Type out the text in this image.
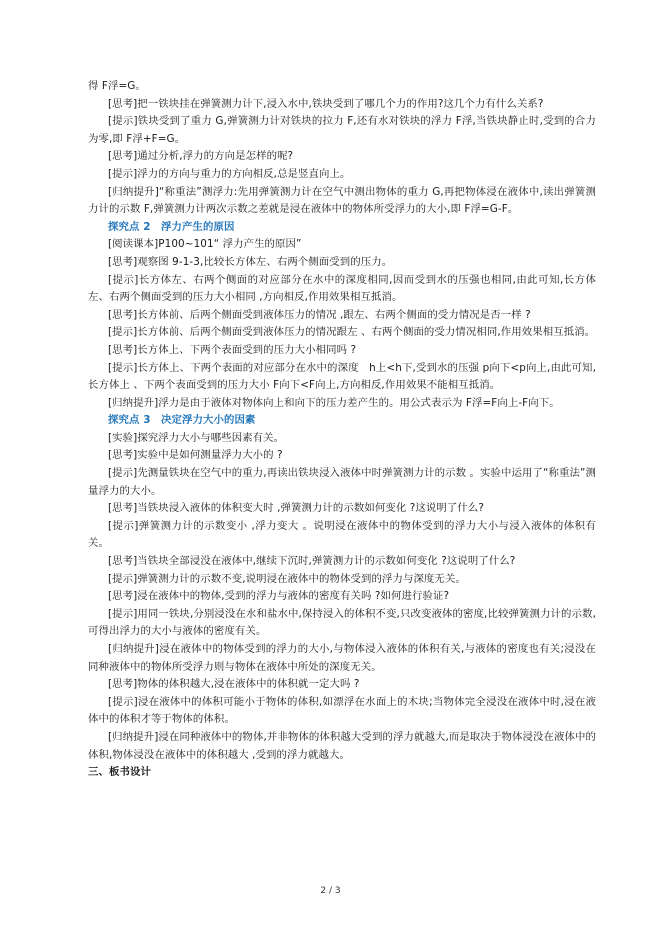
得 F浮=G。

[思考]把一铁块挂在弹簧测力计下,浸入水中,铁块受到了哪几个力的作用?这几个力有什么关系?

[提示]铁块受到了重力 G,弹簧测力计对铁块的拉力 F,还有水对铁块的浮力 F浮,当铁块静止时,受到的合力为零,即 F浮+F=G。

[思考]通过分析,浮力的方向是怎样的呢?

[提示]浮力的方向与重力的方向相反,总是竖直向上。

[归纳提升]“称重法”测浮力:先用弹簧测力计在空气中测出物体的重力 G,再把物体浸在液体中,读出弹簧测力计的示数 F,弹簧测力计两次示数之差就是浸在液体中的物体所受浮力的大小,即 F浮=G-F。

探究点 2　浮力产生的原因

[阅读课本]P100~101“ 浮力产生的原因”

[思考]观察图 9-1-3,比较长方体左、右两个侧面受到的压力。

[提示]长方体左、右两个侧面的对应部分在水中的深度相同,因而受到水的压强也相同,由此可知,长方体左、右两个侧面受到的压力大小相同 ,方向相反,作用效果相互抵消。

[思考]长方体前、后两个侧面受到液体压力的情况 ,跟左、右两个侧面的受力情况是否一样 ?

[提示]长方体前、后两个侧面受到液体压力的情况跟左 、右两个侧面的受力情况相同,作用效果相互抵消。

[思考]长方体上、下两个表面受到的压力大小相同吗 ?

[提示]长方体上、下两个表面的对应部分在水中的深度　h上<h下,受到水的压强 p向下<p向上,由此可知,长方体上 、下两个表面受到的压力大小 F向下<F向上,方向相反,作用效果不能相互抵消。

[归纳提升]浮力是由于液体对物体向上和向下的压力差产生的。用公式表示为 F浮=F向上-F向下。

探究点 3　决定浮力大小的因素

[实验]探究浮力大小与哪些因素有关。

[思考]实验中是如何测量浮力大小的 ?

[提示]先测量铁块在空气中的重力,再读出铁块浸入液体中时弹簧测力计的示数 。实验中运用了“称重法”测量浮力的大小。

[思考]当铁块浸入液体的体积变大时 ,弹簧测力计的示数如何变化 ?这说明了什么?

[提示]弹簧测力计的示数变小 ,浮力变大 。说明浸在液体中的物体受到的浮力大小与浸入液体的体积有关。

[思考]当铁块全部浸没在液体中,继续下沉时,弹簧测力计的示数如何变化 ?这说明了什么?

[提示]弹簧测力计的示数不变,说明浸在液体中的物体受到的浮力与深度无关。

[思考]浸在液体中的物体,受到的浮力与液体的密度有关吗 ?如何进行验证?

[提示]用同一铁块,分别浸没在水和盐水中,保持浸入的体积不变,只改变液体的密度,比较弹簧测力计的示数,可得出浮力的大小与液体的密度有关。

[归纳提升]浸在液体中的物体受到的浮力的大小,与物体浸入液体的体积有关,与液体的密度也有关;浸没在同种液体中的物体所受浮力则与物体在液体中所处的深度无关。

[思考]物体的体积越大,浸在液体中的体积就一定大吗 ?

[提示]浸在液体中的体积可能小于物体的体积,如漂浮在水面上的木块;当物体完全浸没在液体中时,浸在液体中的体积才等于物体的体积。

[归纳提升]浸在同种液体中的物体,并非物体的体积越大受到的浮力就越大,而是取决于物体浸没在液体中的体积,物体浸没在液体中的体积越大 ,受到的浮力就越大。

三、板书设计

2 / 3
